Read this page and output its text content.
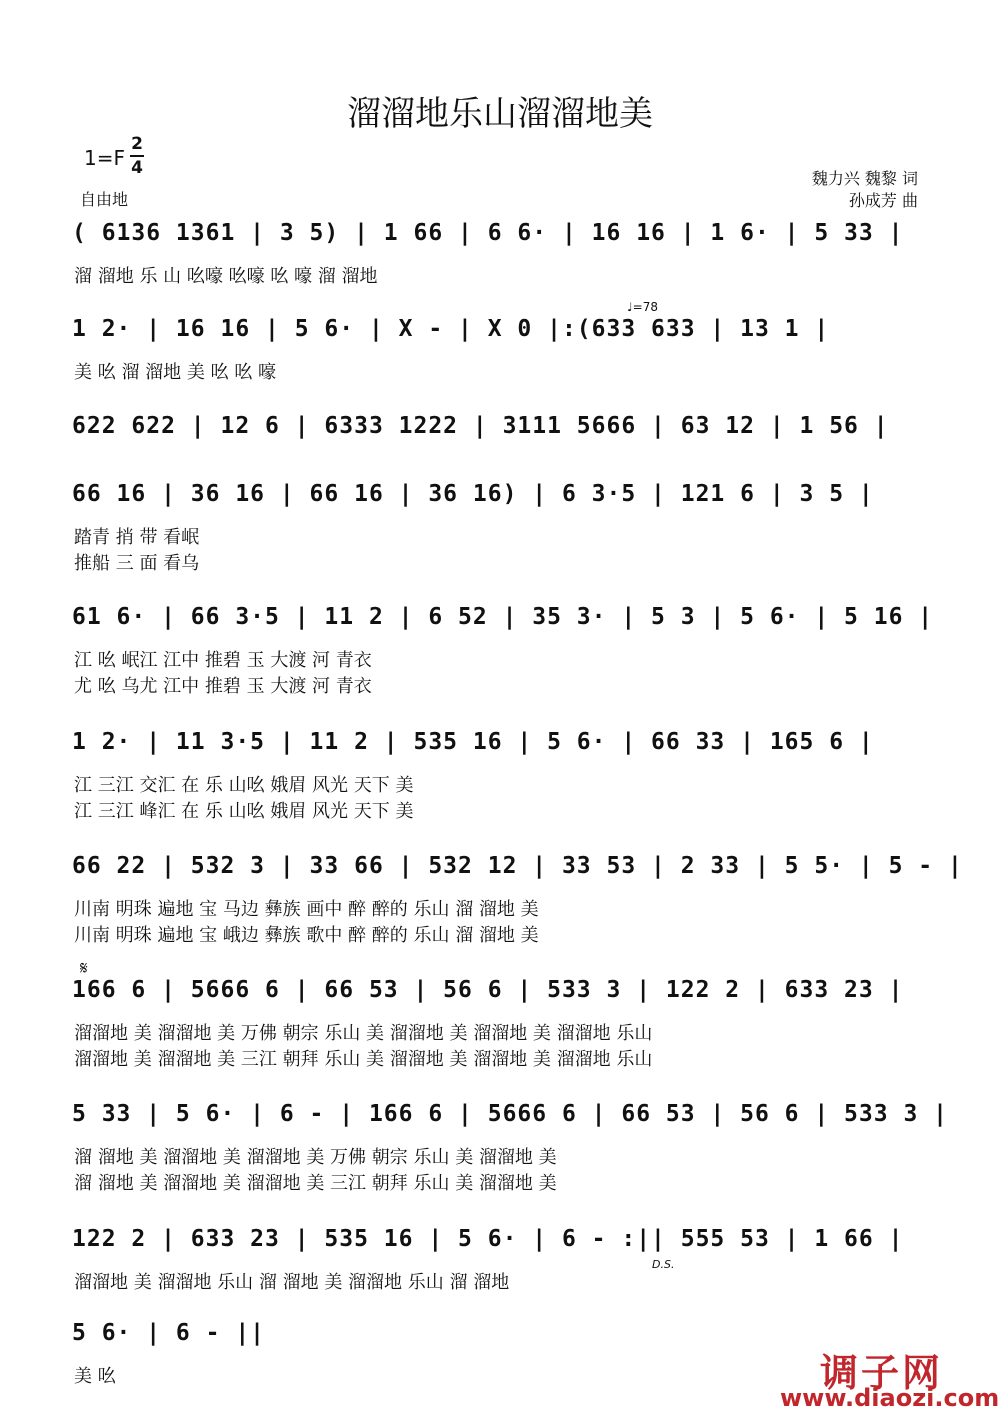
溜溜地乐山溜溜地美
1=F
2
4
自由地
魏力兴 魏黎 词
孙成芳 曲
♩=78
𝄋
D.S.
( 6136 1361 | 3 5) | 1 66 | 6 6· | 16 16 | 1 6· | 5 33 |
溜 溜地 乐 山 吆嚎 吆嚎 吆 嚎 溜 溜地
1 2· | 16 16 | 5 6· | X - | X 0 |:(633 633 | 13 1 |
美 吆 溜 溜地 美 吆 吆 嚎
622 622 | 12 6 | 6333 1222 | 3111 5666 | 63 12 | 1 56 |
66 16 | 36 16 | 66 16 | 36 16) | 6 3·5 | 121 6 | 3 5 |
踏青 捎 带 看岷
推船 三 面 看乌
61 6· | 66 3·5 | 11 2 | 6 52 | 35 3· | 5 3 | 5 6· | 5 16 |
江 吆 岷江 江中 推碧 玉 大渡 河 青衣
尤 吆 乌尤 江中 推碧 玉 大渡 河 青衣
1 2· | 11 3·5 | 11 2 | 535 16 | 5 6· | 66 33 | 165 6 |
江 三江 交汇 在 乐 山吆 娥眉 风光 天下 美
江 三江 峰汇 在 乐 山吆 娥眉 风光 天下 美
66 22 | 532 3 | 33 66 | 532 12 | 33 53 | 2 33 | 5 5· | 5 - |
川南 明珠 遍地 宝 马边 彝族 画中 醉 醉的 乐山 溜 溜地 美
川南 明珠 遍地 宝 峨边 彝族 歌中 醉 醉的 乐山 溜 溜地 美
166 6 | 5666 6 | 66 53 | 56 6 | 533 3 | 122 2 | 633 23 |
溜溜地 美 溜溜地 美 万佛 朝宗 乐山 美 溜溜地 美 溜溜地 美 溜溜地 乐山
溜溜地 美 溜溜地 美 三江 朝拜 乐山 美 溜溜地 美 溜溜地 美 溜溜地 乐山
5 33 | 5 6· | 6 - | 166 6 | 5666 6 | 66 53 | 56 6 | 533 3 |
溜 溜地 美 溜溜地 美 溜溜地 美 万佛 朝宗 乐山 美 溜溜地 美
溜 溜地 美 溜溜地 美 溜溜地 美 三江 朝拜 乐山 美 溜溜地 美
122 2 | 633 23 | 535 16 | 5 6· | 6 - :|| 555 53 | 1 66 |
溜溜地 美 溜溜地 乐山 溜 溜地 美 溜溜地 乐山 溜 溜地
5 6· | 6 - ||
美 吆	调子网
www.diaozi.com
